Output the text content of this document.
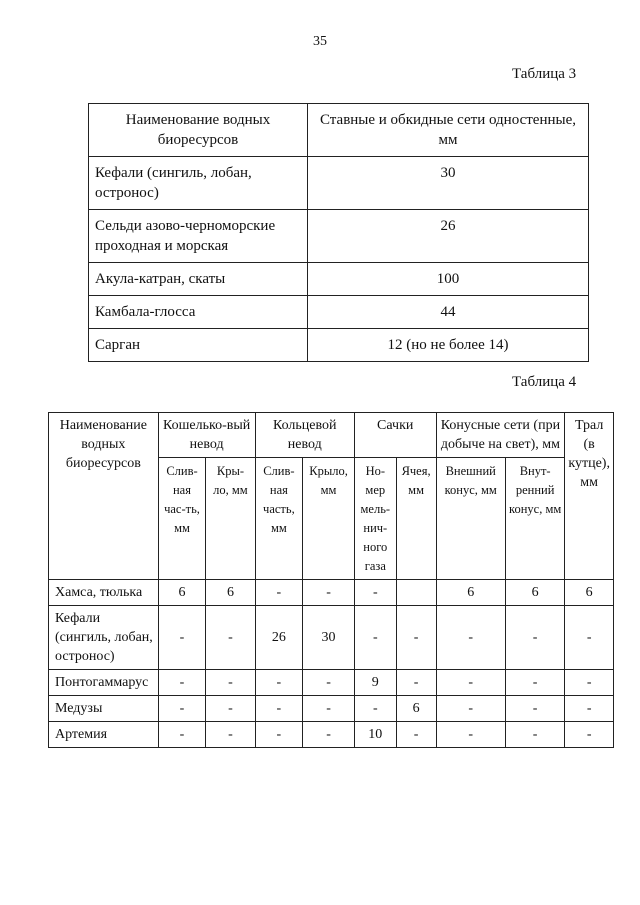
35
Таблица 3
Наименование водных биоресурсов	Ставные и обкидные сети одностенные, мм
Кефали (сингиль, лобан, остронос)	30
Сельди азово-черноморские проходная и морская	26
Акула-катран, скаты	100
Камбала-глосса	44
Сарган	12 (но не более 14)
Таблица 4
Наименование водных биоресурсов	Кошелько-вый невод		Кольцевой невод		Сачки		Конусные сети (при добыче на свет), мм		Трал (в кутце), мм
	Слив-ная час-ть, мм	Кры-ло, мм	Слив-ная часть, мм	Крыло, мм	Но-мер мель-нич-ного газа	Ячея, мм	Внешний конус, мм	Внут-ренний конус, мм	
Хамса, тюлька	6	6	-	-	-		6	6	6
Кефали (сингиль, лобан, остронос)	-	-	26	30	-	-	-	-	-
Понтогаммарус	-	-	-	-	9	-	-	-	-
Медузы	-	-	-	-	-	6	-	-	-
Артемия	-	-	-	-	10	-	-	-	-
